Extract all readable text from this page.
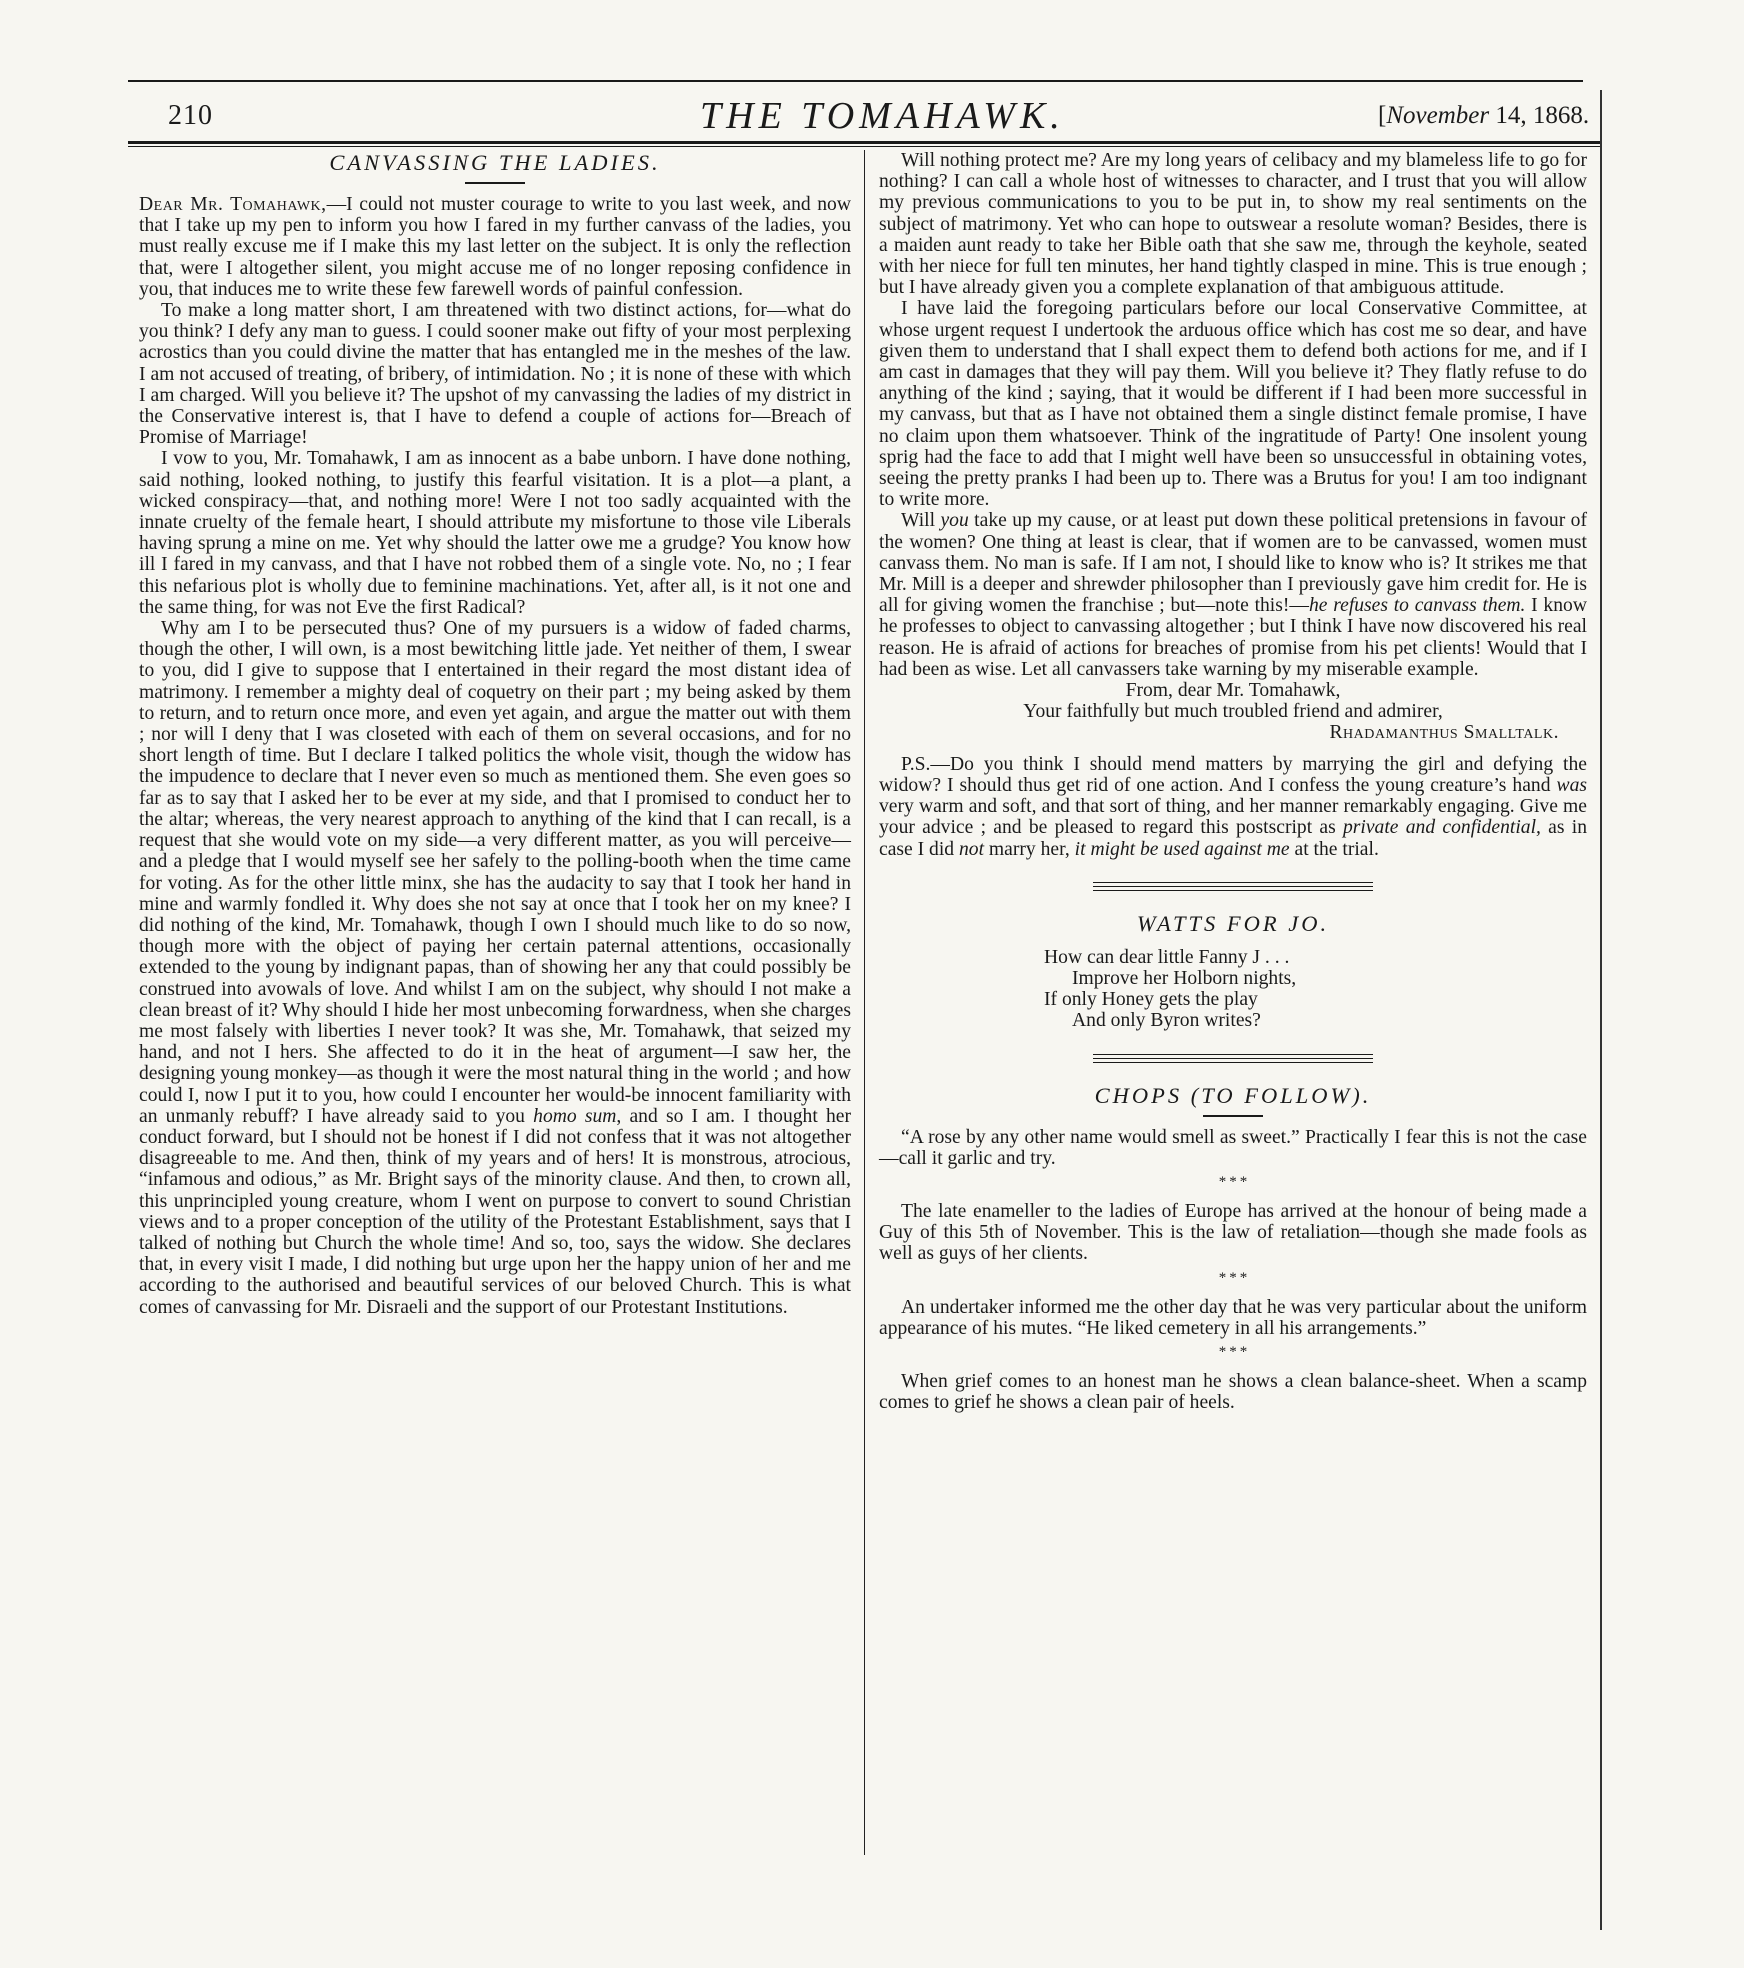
210	THE TOMAHAWK.	[November 14, 1868.

CANVASSING THE LADIES.

Dear Mr. Tomahawk,—I could not muster courage to write to you last week, and now that I take up my pen to inform you how I fared in my further canvass of the ladies, you must really excuse me if I make this my last letter on the subject. It is only the reflection that, were I altogether silent, you might accuse me of no longer reposing confidence in you, that induces me to write these few farewell words of painful confession.

To make a long matter short, I am threatened with two distinct actions, for—what do you think? I defy any man to guess. I could sooner make out fifty of your most perplexing acrostics than you could divine the matter that has entangled me in the meshes of the law. I am not accused of treating, of bribery, of intimidation. No ; it is none of these with which I am charged. Will you believe it? The upshot of my canvassing the ladies of my district in the Conservative interest is, that I have to defend a couple of actions for—Breach of Promise of Marriage!

I vow to you, Mr. Tomahawk, I am as innocent as a babe unborn. I have done nothing, said nothing, looked nothing, to justify this fearful visitation. It is a plot—a plant, a wicked conspiracy—that, and nothing more! Were I not too sadly acquainted with the innate cruelty of the female heart, I should attribute my misfortune to those vile Liberals having sprung a mine on me. Yet why should the latter owe me a grudge? You know how ill I fared in my canvass, and that I have not robbed them of a single vote. No, no ; I fear this nefarious plot is wholly due to feminine machinations. Yet, after all, is it not one and the same thing, for was not Eve the first Radical?

Why am I to be persecuted thus? One of my pursuers is a widow of faded charms, though the other, I will own, is a most bewitching little jade. Yet neither of them, I swear to you, did I give to suppose that I entertained in their regard the most distant idea of matrimony. I remember a mighty deal of coquetry on their part ; my being asked by them to return, and to return once more, and even yet again, and argue the matter out with them ; nor will I deny that I was closeted with each of them on several occasions, and for no short length of time. But I declare I talked politics the whole visit, though the widow has the impudence to declare that I never even so much as mentioned them. She even goes so far as to say that I asked her to be ever at my side, and that I promised to conduct her to the altar; whereas, the very nearest approach to anything of the kind that I can recall, is a request that she would vote on my side—a very different matter, as you will perceive—and a pledge that I would myself see her safely to the polling-booth when the time came for voting. As for the other little minx, she has the audacity to say that I took her hand in mine and warmly fondled it. Why does she not say at once that I took her on my knee? I did nothing of the kind, Mr. Tomahawk, though I own I should much like to do so now, though more with the object of paying her certain paternal attentions, occasionally extended to the young by indignant papas, than of showing her any that could possibly be construed into avowals of love. And whilst I am on the subject, why should I not make a clean breast of it? Why should I hide her most unbecoming forwardness, when she charges me most falsely with liberties I never took? It was she, Mr. Tomahawk, that seized my hand, and not I hers. She affected to do it in the heat of argument—I saw her, the designing young monkey—as though it were the most natural thing in the world ; and how could I, now I put it to you, how could I encounter her would-be innocent familiarity with an unmanly rebuff? I have already said to you homo sum, and so I am. I thought her conduct forward, but I should not be honest if I did not confess that it was not altogether disagreeable to me. And then, think of my years and of hers! It is monstrous, atrocious, “infamous and odious,” as Mr. Bright says of the minority clause. And then, to crown all, this unprincipled young creature, whom I went on purpose to convert to sound Christian views and to a proper conception of the utility of the Protestant Establishment, says that I talked of nothing but Church the whole time! And so, too, says the widow. She declares that, in every visit I made, I did nothing but urge upon her the happy union of her and me according to the authorised and beautiful services of our beloved Church. This is what comes of canvassing for Mr. Disraeli and the support of our Protestant Institutions.

Will nothing protect me? Are my long years of celibacy and my blameless life to go for nothing? I can call a whole host of witnesses to character, and I trust that you will allow my previous communications to you to be put in, to show my real sentiments on the subject of matrimony. Yet who can hope to outswear a resolute woman? Besides, there is a maiden aunt ready to take her Bible oath that she saw me, through the keyhole, seated with her niece for full ten minutes, her hand tightly clasped in mine. This is true enough ; but I have already given you a complete explanation of that ambiguous attitude.

I have laid the foregoing particulars before our local Conservative Committee, at whose urgent request I undertook the arduous office which has cost me so dear, and have given them to understand that I shall expect them to defend both actions for me, and if I am cast in damages that they will pay them. Will you believe it? They flatly refuse to do anything of the kind ; saying, that it would be different if I had been more successful in my canvass, but that as I have not obtained them a single distinct female promise, I have no claim upon them whatsoever. Think of the ingratitude of Party! One insolent young sprig had the face to add that I might well have been so unsuccessful in obtaining votes, seeing the pretty pranks I had been up to. There was a Brutus for you! I am too indignant to write more.

Will you take up my cause, or at least put down these political pretensions in favour of the women? One thing at least is clear, that if women are to be canvassed, women must canvass them. No man is safe. If I am not, I should like to know who is? It strikes me that Mr. Mill is a deeper and shrewder philosopher than I previously gave him credit for. He is all for giving women the franchise ; but—note this!—he refuses to canvass them. I know he professes to object to canvassing altogether ; but I think I have now discovered his real reason. He is afraid of actions for breaches of promise from his pet clients! Would that I had been as wise. Let all canvassers take warning by my miserable example.

From, dear Mr. Tomahawk,

Your faithfully but much troubled friend and admirer,

Rhadamanthus Smalltalk.

P.S.—Do you think I should mend matters by marrying the girl and defying the widow? I should thus get rid of one action. And I confess the young creature’s hand was very warm and soft, and that sort of thing, and her manner remarkably engaging. Give me your advice ; and be pleased to regard this postscript as private and confidential, as in case I did not marry her, it might be used against me at the trial.

WATTS FOR JO.

How can dear little Fanny J . . .
Improve her Holborn nights,
If only Honey gets the play
And only Byron writes?

CHOPS (TO FOLLOW).

“A rose by any other name would smell as sweet.” Practically I fear this is not the case—call it garlic and try.

* * *

The late enameller to the ladies of Europe has arrived at the honour of being made a Guy of this 5th of November. This is the law of retaliation—though she made fools as well as guys of her clients.

* * *

An undertaker informed me the other day that he was very particular about the uniform appearance of his mutes. “He liked cemetery in all his arrangements.”

* * *

When grief comes to an honest man he shows a clean balance-sheet. When a scamp comes to grief he shows a clean pair of heels.
